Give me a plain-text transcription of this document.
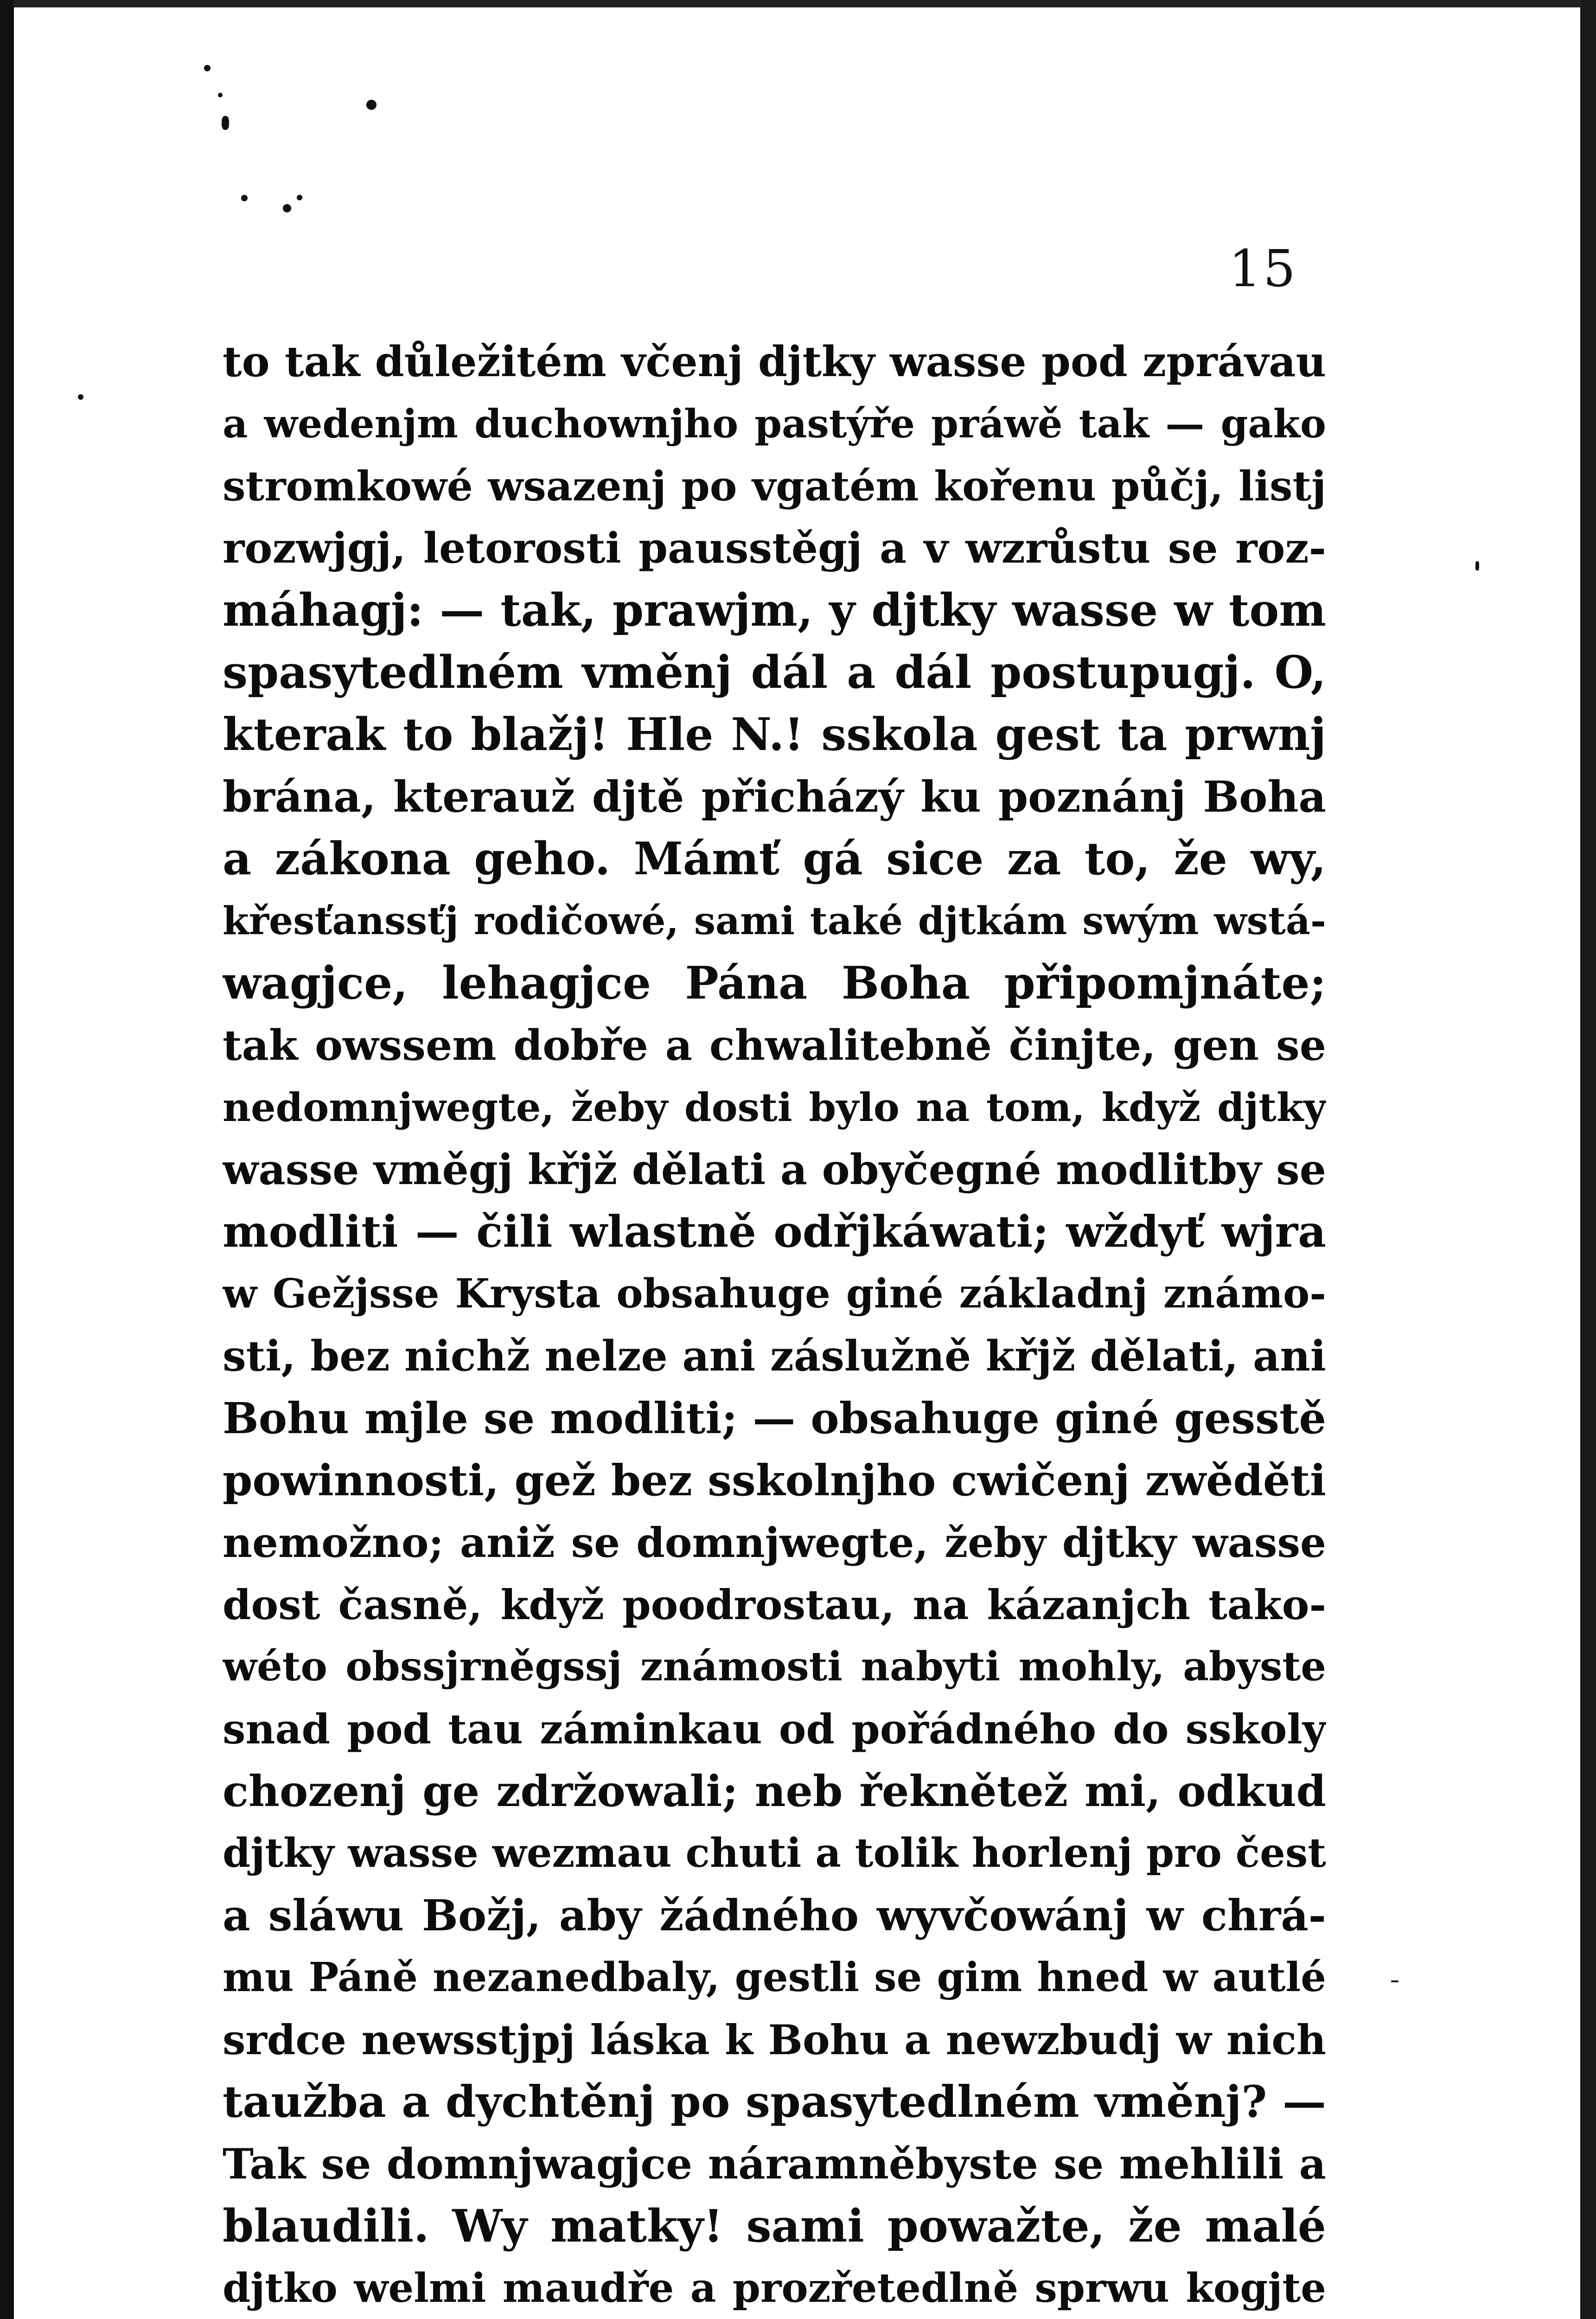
15
to tak důležitém včenj djtky wasse pod zprávau
a wedenjm duchownjho pastýře práwě tak — gako
stromkowé wsazenj po vgatém kořenu půčj, listj
rozwjgj, letorosti pausstěgj a v wzrůstu se roz-
máhagj: — tak, prawjm, y djtky wasse w tom
spasytedlném vměnj dál a dál postupugj. O,
kterak to blažj! Hle N.! sskola gest ta prwnj
brána, kterauž djtě přicházý ku poznánj Boha
a zákona geho. Mámť gá sice za to, že wy,
křesťanssťj rodičowé, sami také djtkám swým wstá-
wagjce, lehagjce Pána Boha připomjnáte;
tak owssem dobře a chwalitebně činjte, gen se
nedomnjwegte, žeby dosti bylo na tom, když djtky
wasse vměgj křjž dělati a obyčegné modlitby se
modliti — čili wlastně odřjkáwati; wždyť wjra
w Gežjsse Krysta obsahuge giné základnj známo-
sti, bez nichž nelze ani záslužně křjž dělati, ani
Bohu mjle se modliti; — obsahuge giné gesstě
powinnosti, gež bez sskolnjho cwičenj zwěděti
nemožno; aniž se domnjwegte, žeby djtky wasse
dost časně, když poodrostau, na kázanjch tako-
wéto obssjrněgssj známosti nabyti mohly, abyste
snad pod tau záminkau od pořádného do sskoly
chozenj ge zdržowali; neb řeknětež mi, odkud
djtky wasse wezmau chuti a tolik horlenj pro čest
a sláwu Božj, aby žádného wyvčowánj w chrá-
mu Páně nezanedbaly, gestli se gim hned w autlé
srdce newsstjpj láska k Bohu a newzbudj w nich
taužba a dychtěnj po spasytedlném vměnj? —
Tak se domnjwagjce náramněbyste se mehlili a
blaudili. Wy matky! sami powažte, že malé
djtko welmi maudře a prozřetedlně sprwu kogjte
